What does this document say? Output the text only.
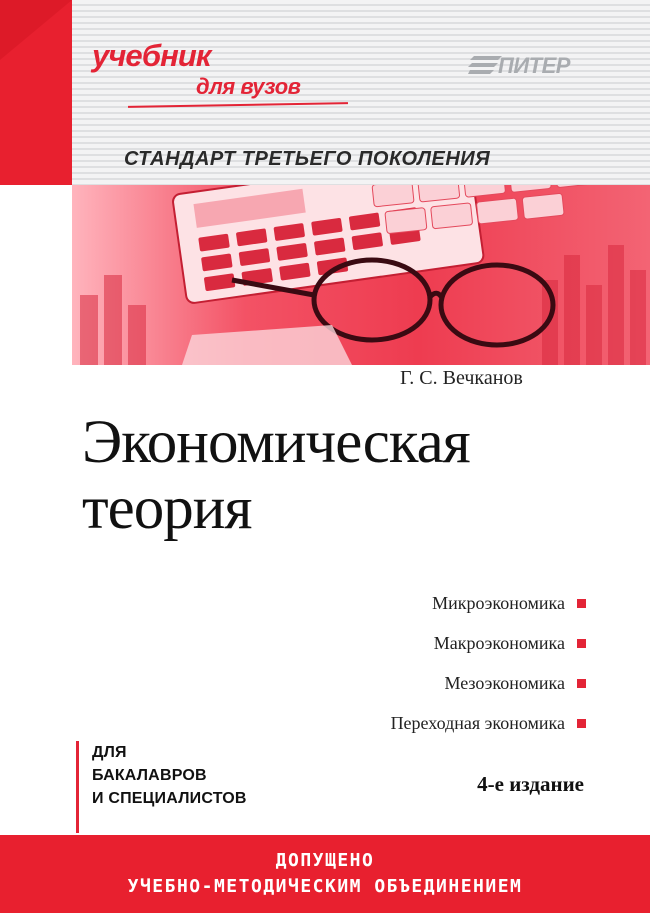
учебник
для вузов
ПИТЕР
СТАНДАРТ ТРЕТЬЕГО ПОКОЛЕНИЯ
Г. С. Вечканов
Экономическая
теория
Микроэкономика
Макроэкономика
Мезоэкономика
Переходная экономика
ДЛЯ
БАКАЛАВРОВ
И СПЕЦИАЛИСТОВ
4-е издание
ДОПУЩЕНО
УЧЕБНО-МЕТОДИЧЕСКИМ ОБЪЕДИНЕНИЕМ
